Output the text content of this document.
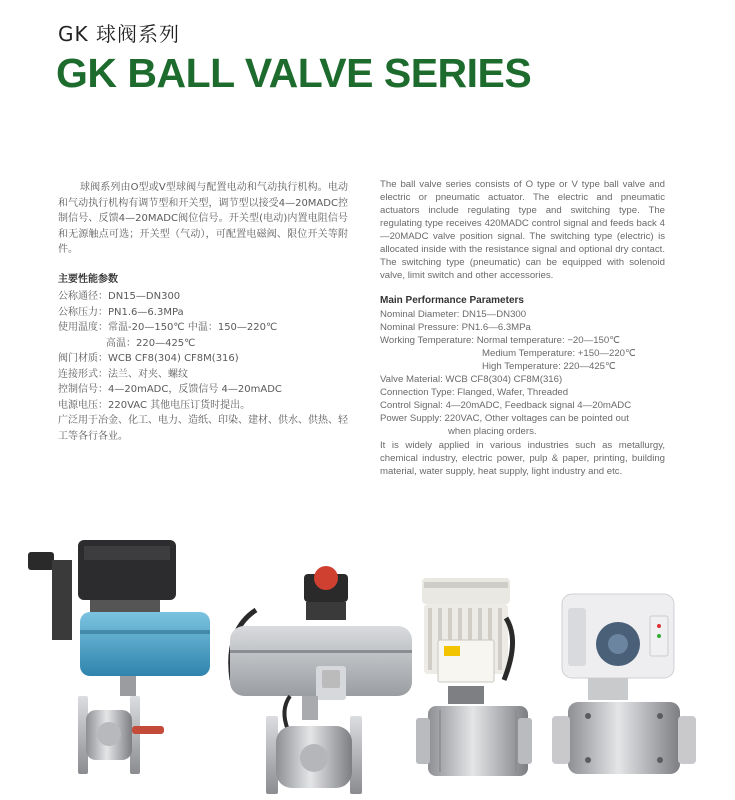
GK 球阀系列
GK BALL VALVE SERIES

球阀系列由O型或V型球阀与配置电动和气动执行机构。电动和气动执行机构有调节型和开关型，调节型以接受4—20MADC控制信号、反馈4—20MADC阀位信号。开关型(电动)内置电阻信号和无源触点可选；开关型（气动），可配置电磁阀、限位开关等附件。

主要性能参数

公称通径：DN15—DN300

公称压力：PN1.6—6.3MPa

使用温度：常温-20—150℃ 中温：150—220℃

高温：220—425℃

阀门材质：WCB CF8(304) CF8M(316)

连接形式：法兰、对夹、螺纹

控制信号：4—20mADC，反馈信号 4—20mADC

电源电压：220VAC 其他电压订货时提出。

广泛用于冶金、化工、电力、造纸、印染、建材、供水、供热、轻工等各行各业。

The ball valve series consists of O type or V type ball valve and electric or pneumatic actuator. The electric and pneumatic actuators include regulating type and switching type. The regulating type receives 420MADC control signal and feeds back 4—20MADC valve position signal. The switching type (electric) is allocated inside with the resistance signal and optional dry contact. The switching type (pneumatic) can be equipped with solenoid valve, limit switch and other accessories.

Main Performance Parameters

Nominal Diameter: DN15—DN300

Nominal Pressure: PN1.6—6.3MPa

Working Temperature: Normal temperature: −20—150℃

Medium Temperature: +150—220℃

High Temperature: 220—425℃

Valve Material: WCB CF8(304) CF8M(316)

Connection Type: Flanged, Wafer, Threaded

Control Signal: 4—20mADC, Feedback signal 4—20mADC

Power Supply: 220VAC, Other voltages can be pointed out

when placing orders.

It is widely applied in various industries such as metallurgy, chemical industry, electric power, pulp & paper, printing, building material, water supply, heat supply, light industry and etc.
